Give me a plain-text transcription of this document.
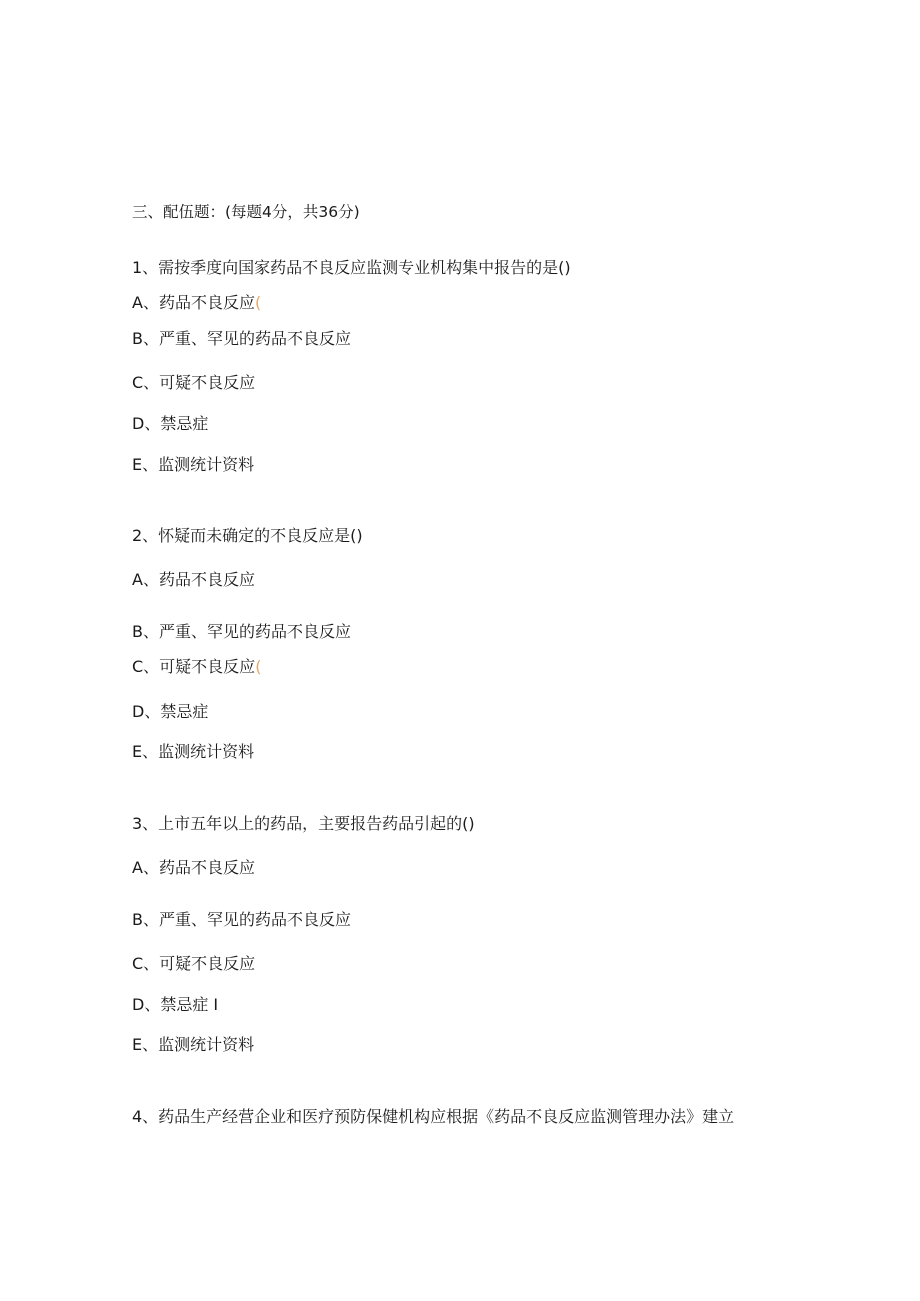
三、配伍题：(每题4分，共36分)
1、需按季度向国家药品不良反应监测专业机构集中报告的是()
A、药品不良反应(
B、严重、罕见的药品不良反应
C、可疑不良反应
D、禁忌症
E、监测统计资料
2、怀疑而未确定的不良反应是()
A、药品不良反应
B、严重、罕见的药品不良反应
C、可疑不良反应(
D、禁忌症
E、监测统计资料
3、上市五年以上的药品，主要报告药品引起的()
A、药品不良反应
B、严重、罕见的药品不良反应
C、可疑不良反应
D、禁忌症 I
E、监测统计资料
4、药品生产经营企业和医疗预防保健机构应根据《药品不良反应监测管理办法》建立
